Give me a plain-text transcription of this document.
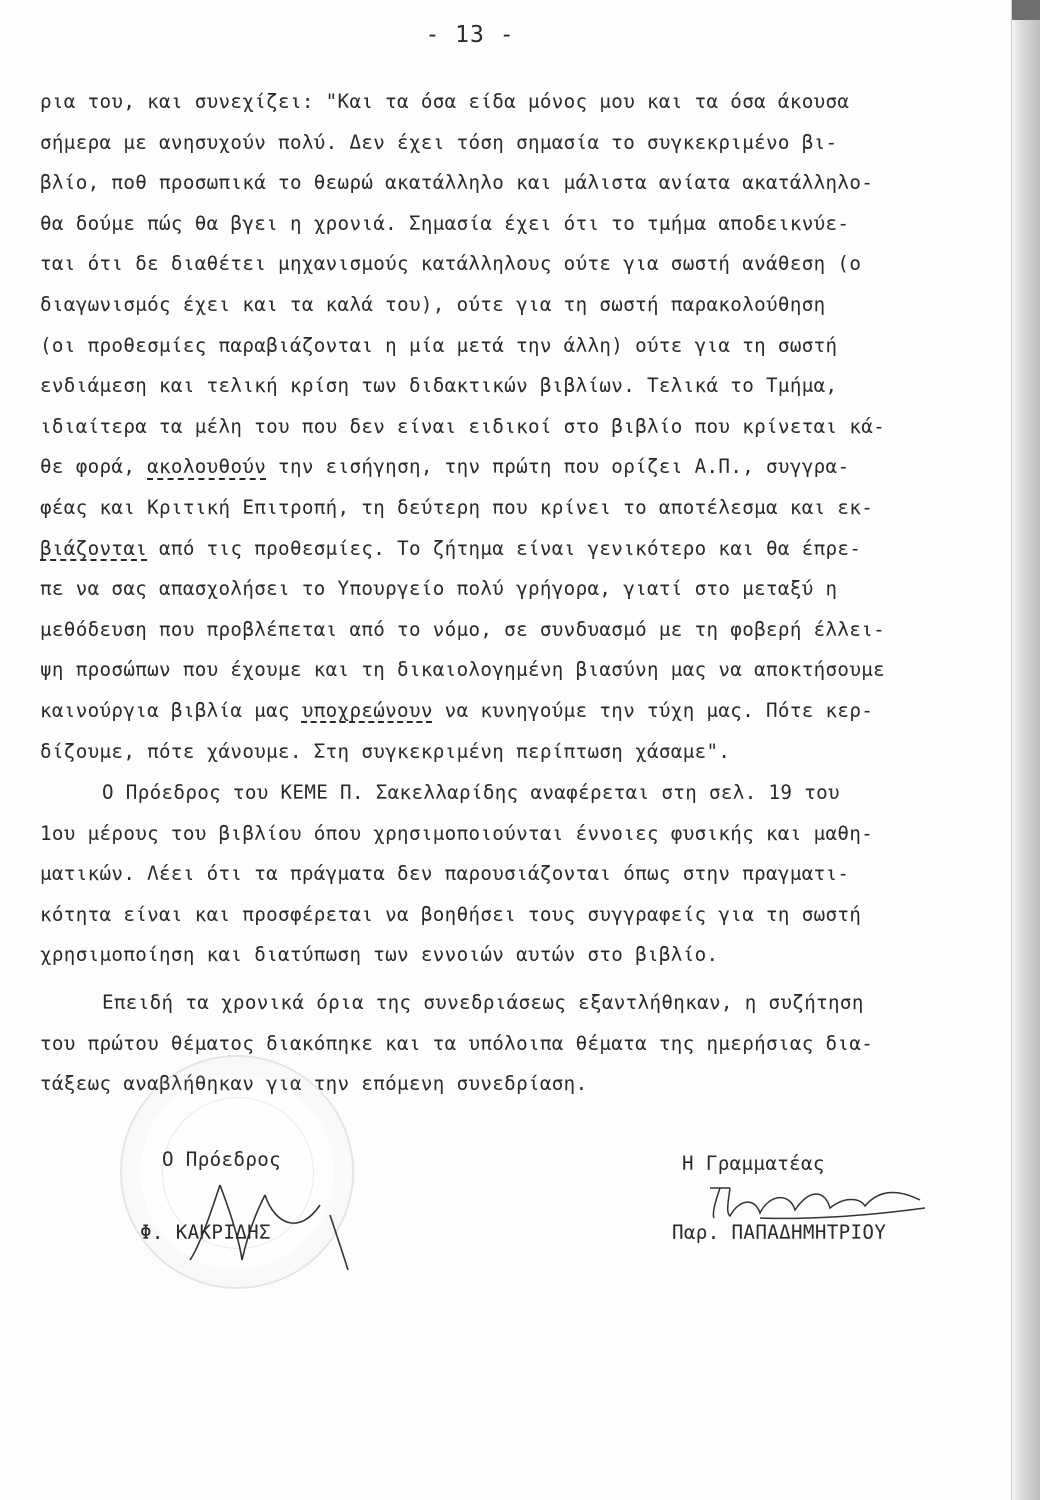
- 13 -
ρια του, και συνεχίζει: "Και τα όσα είδα μόνος μου και τα όσα άκουσα
σήμερα με ανησυχούν πολύ. Δεν έχει τόση σημασία το συγκεκριμένο βι-
βλίο, ποθ προσωπικά το θεωρώ ακατάλληλο και μάλιστα ανίατα ακατάλληλο-
θα δούμε πώς θα βγει η χρονιά. Σημασία έχει ότι το τμήμα αποδεικνύε-
ται ότι δε διαθέτει μηχανισμούς κατάλληλους ούτε για σωστή ανάθεση (ο
διαγωνισμός έχει και τα καλά του), ούτε για τη σωστή παρακολούθηση
(οι προθεσμίες παραβιάζονται η μία μετά την άλλη) ούτε για τη σωστή
ενδιάμεση και τελική κρίση των διδακτικών βιβλίων. Τελικά το Τμήμα,
ιδιαίτερα τα μέλη του που δεν είναι ειδικοί στο βιβλίο που κρίνεται κά-
θε φορά, ακολουθούν την εισήγηση, την πρώτη που ορίζει Α.Π., συγγρα-
φέας και Κριτική Επιτροπή, τη δεύτερη που κρίνει το αποτέλεσμα και εκ-
βιάζονται από τις προθεσμίες. Το ζήτημα είναι γενικότερο και θα έπρε-
πε να σας απασχολήσει το Υπουργείο πολύ γρήγορα, γιατί στο μεταξύ η
μεθόδευση που προβλέπεται από το νόμο, σε συνδυασμό με τη φοβερή έλλει-
ψη προσώπων που έχουμε και τη δικαιολογημένη βιασύνη μας να αποκτήσουμε
καινούργια βιβλία μας υποχρεώνουν να κυνηγούμε την τύχη μας. Πότε κερ-
δίζουμε, πότε χάνουμε. Στη συγκεκριμένη περίπτωση χάσαμε".
Ο Πρόεδρος του ΚΕΜΕ Π. Σακελλαρίδης αναφέρεται στη σελ. 19 του
1ου μέρους του βιβλίου όπου χρησιμοποιούνται έννοιες φυσικής και μαθη-
ματικών. Λέει ότι τα πράγματα δεν παρουσιάζονται όπως στην πραγματι-
κότητα είναι και προσφέρεται να βοηθήσει τους συγγραφείς για τη σωστή
χρησιμοποίηση και διατύπωση των εννοιών αυτών στο βιβλίο.
Επειδή τα χρονικά όρια της συνεδριάσεως εξαντλήθηκαν, η συζήτηση
του πρώτου θέματος διακόπηκε και τα υπόλοιπα θέματα της ημερήσιας δια-
τάξεως αναβλήθηκαν για την επόμενη συνεδρίαση.
Ο Πρόεδρος
Φ. ΚΑΚΡΙΔΗΣ
Η Γραμματέας
Παρ. ΠΑΠΑΔΗΜΗΤΡΙΟΥ
